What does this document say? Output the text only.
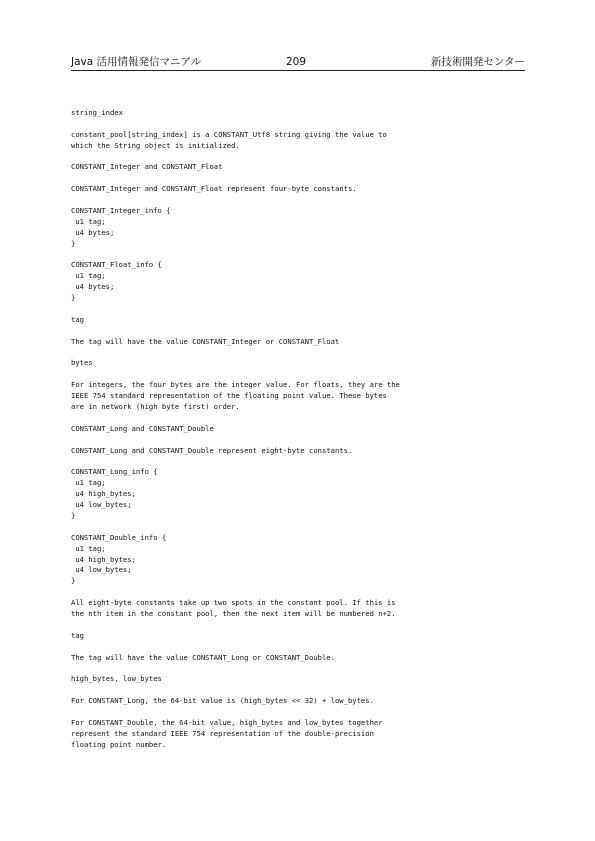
Java 活用情報発信マニアル	209	新技術開発センター
string_index
constant_pool[string_index] is a CONSTANT_Utf8 string giving the value to
which the String object is initialized.
CONSTANT_Integer and CONSTANT_Float
CONSTANT_Integer and CONSTANT_Float represent four-byte constants.
CONSTANT_Integer_info {
u1 tag;
u4 bytes;
}
CONSTANT_Float_info {
u1 tag;
u4 bytes;
}
tag
The tag will have the value CONSTANT_Integer or CONSTANT_Float
bytes
For integers, the four bytes are the integer value. For floats, they are the
IEEE 754 standard representation of the floating point value. These bytes
are in network (high byte first) order.
CONSTANT_Long and CONSTANT_Double
CONSTANT_Long and CONSTANT_Double represent eight-byte constants.
CONSTANT_Long_info {
u1 tag;
u4 high_bytes;
u4 low_bytes;
}
CONSTANT_Double_info {
u1 tag;
u4 high_bytes;
u4 low_bytes;
}
All eight-byte constants take up two spots in the constant pool. If this is
the nth item in the constant pool, then the next item will be numbered n+2.
tag
The tag will have the value CONSTANT_Long or CONSTANT_Double.
high_bytes, low_bytes
For CONSTANT_Long, the 64-bit value is (high_bytes << 32) + low_bytes.
For CONSTANT_Double, the 64-bit value, high_bytes and low_bytes together
represent the standard IEEE 754 representation of the double-precision
floating point number.
